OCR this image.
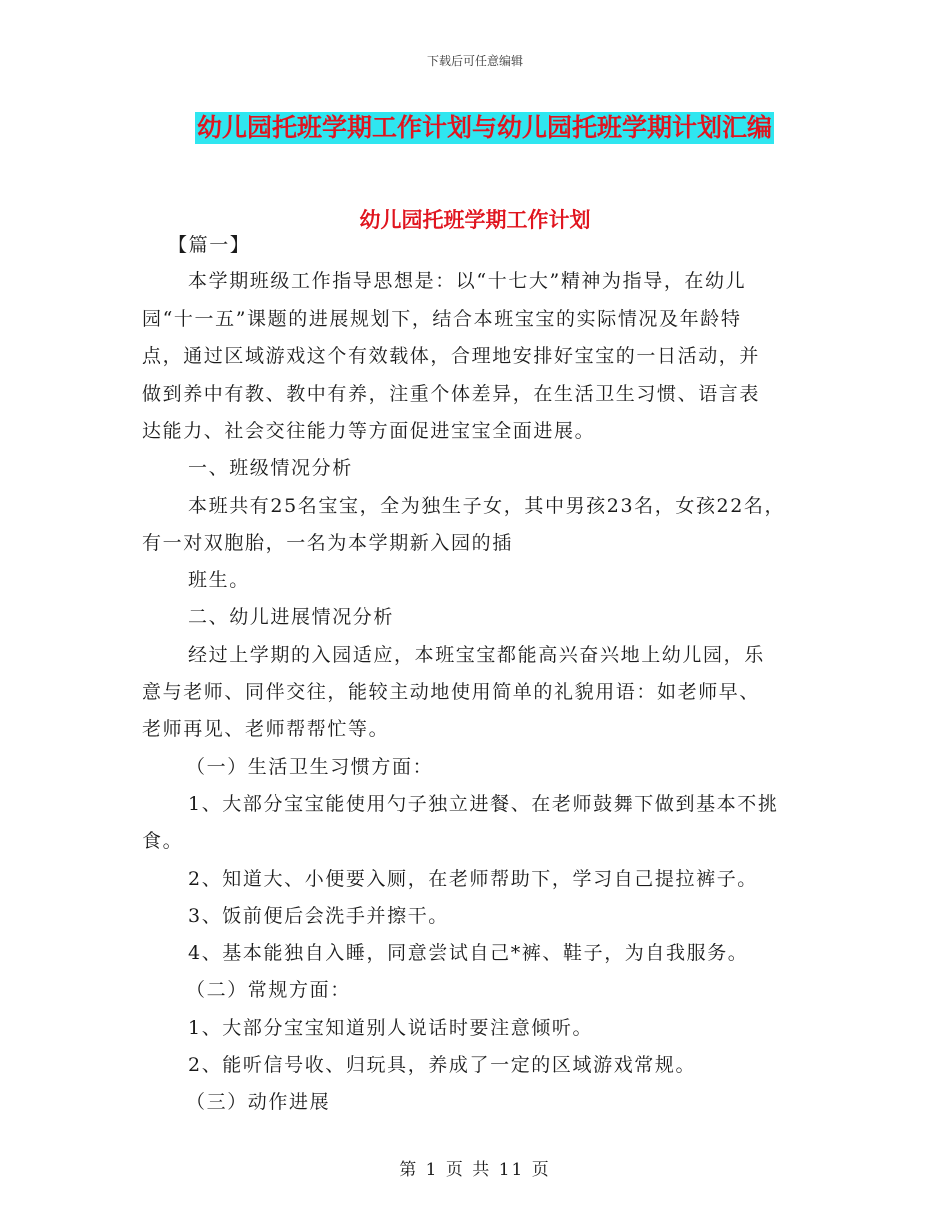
下载后可任意编辑
幼儿园托班学期工作计划与幼儿园托班学期计划汇编
幼儿园托班学期工作计划
【篇一】
本学期班级工作指导思想是：以“十七大”精神为指导，在幼儿
园“十一五”课题的进展规划下，结合本班宝宝的实际情况及年龄特
点，通过区域游戏这个有效载体，合理地安排好宝宝的一日活动，并
做到养中有教、教中有养，注重个体差异，在生活卫生习惯、语言表
达能力、社会交往能力等方面促进宝宝全面进展。
一、班级情况分析
本班共有25名宝宝，全为独生子女，其中男孩23名，女孩22名，
有一对双胞胎，一名为本学期新入园的插
班生。
二、幼儿进展情况分析
经过上学期的入园适应，本班宝宝都能高兴奋兴地上幼儿园，乐
意与老师、同伴交往，能较主动地使用简单的礼貌用语：如老师早、
老师再见、老师帮帮忙等。
（一）生活卫生习惯方面：
1、大部分宝宝能使用勺子独立进餐、在老师鼓舞下做到基本不挑
食。
2、知道大、小便要入厕，在老师帮助下，学习自己提拉裤子。
3、饭前便后会洗手并擦干。
4、基本能独自入睡，同意尝试自己*裤、鞋子，为自我服务。
（二）常规方面：
1、大部分宝宝知道别人说话时要注意倾听。
2、能听信号收、归玩具，养成了一定的区域游戏常规。
（三）动作进展
第 1 页 共 11 页
